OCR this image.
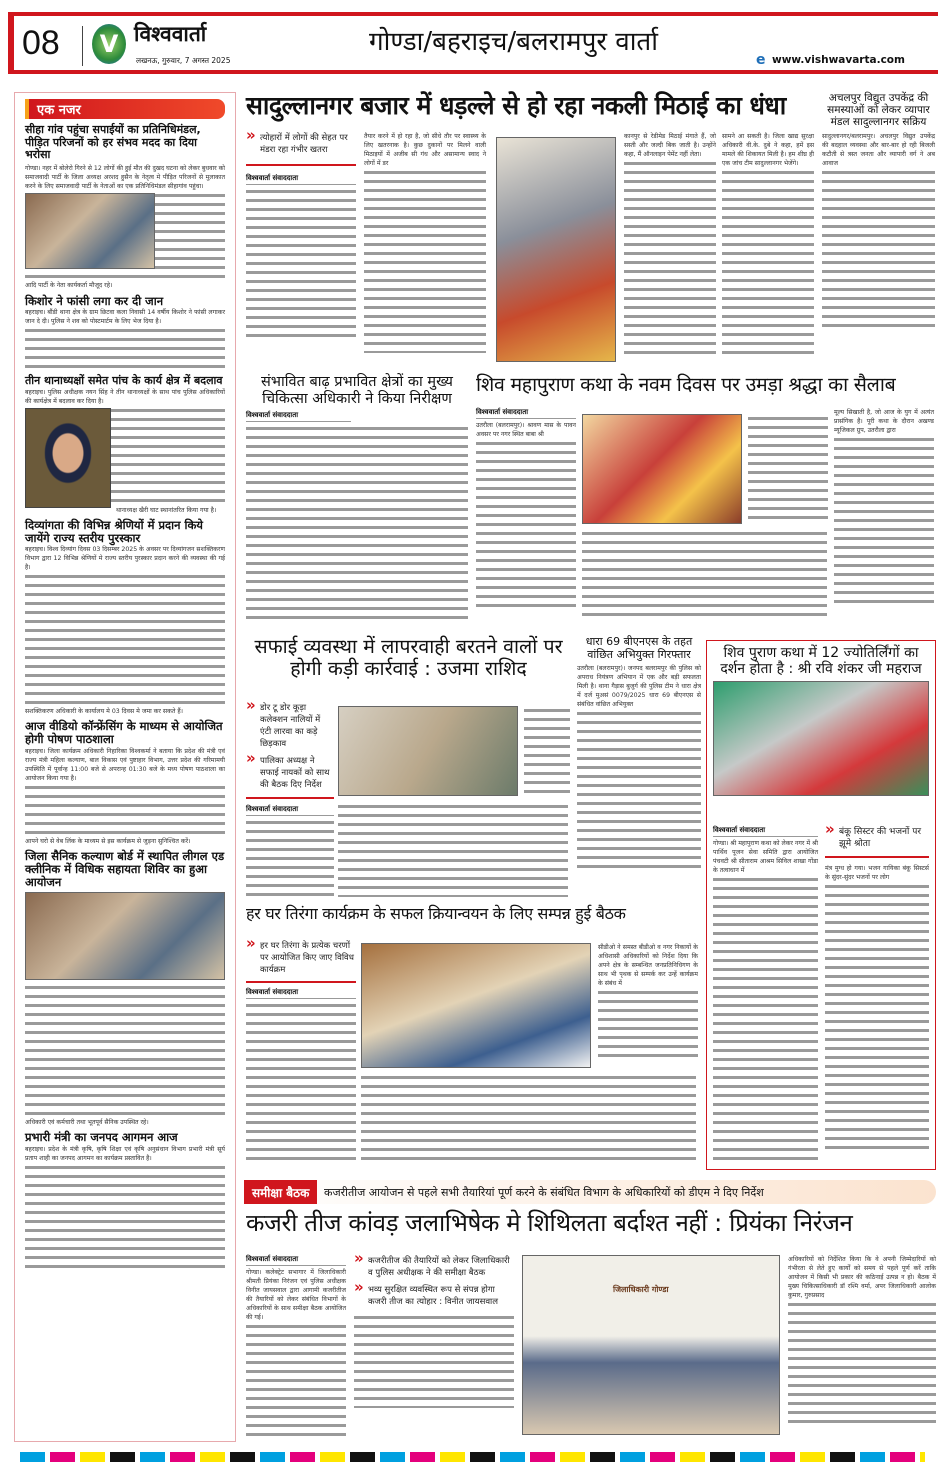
08	V विश्ववार्ता
लखनऊ, गुरुवार, 7 अगस्त 2025
गोण्डा/बहराइच/बलरामपुर वार्ता
e www.vishwavarta.com
एक नजर
सीहा गांव पहुंचा सपाईयों का प्रतिनिधिमंडल, पीड़ित परिजनों को हर संभव मदद का दिया भरोसा
गोण्डा। नहर में बोलेरो गिरने से 12 लोगों की हुई मौत की दुखद घटना को लेकर बुधवार को समाजवादी पार्टी के जिला अध्यक्ष अरशद हुसैन के नेतृत्व मे पीड़ित परिजनों से मुलाकात करने के लिए समाजवादी पार्टी के नेताओं का एक प्रतिनिधिमंडल सीहागांव पहुंचा।
आदि पार्टी के नेता कार्यकर्ता मौजूद रहे।
किशोर ने फांसी लगा कर दी जान
बहराइच। बौंडी थाना क्षेत्र के ग्राम छिटवा कला निवासी 14 वर्षीय किशोर ने फांसी लगाकर जान दे दी। पुलिस ने शव को पोस्टमार्टम के लिए भेज दिया है।
तीन थानाध्यक्षों समेत पांच के कार्य क्षेत्र में बदलाव
बहराइच। पुलिस अधीक्षक नयन सिंह ने तीन थानाध्यक्षों के साथ पांच पुलिस अधिकारियों की कार्यक्षेत्र में बदलाव कर दिया है।
थानाध्यक्ष खैरी घाट स्थानांतरित किया गया है।
दिव्यांगता की विभिन्न श्रेणियों में प्रदान किये जायेंगे राज्य स्तरीय पुरस्कार
बहराइच। विश्व दिव्यांग दिवस 03 दिसम्बर 2025 के अवसर पर दिव्यांगजन सशक्तिकरण विभाग द्वारा 12 विभिन्न श्रेणियों मे राज्य स्तरीय पुरस्कार प्रदान करने की व्यवस्था की गई है।
सशक्तिकरण अधिकारी के कार्यालय मे 03 दिवस मे जमा कर सकते हैं।
आज वीडियो कॉन्फ्रेंसिंग के माध्यम से आयोजित होगी पोषण पाठशाला
बहराइच। जिला कार्यक्रम अधिकारी निहारिका विश्वकर्मा ने बताया कि प्रदेश की मंत्री एवं राज्य मंत्री महिला कल्याण, बाल विकास एवं पुष्टाहार विभाग, उत्तर प्रदेश की गरिमामयी उपस्थिति में पूर्वान्ह 11:00 बजे से अपरान्ह 01:30 बजे के मध्य पोषण पाठशाला का आयोजन किया गया है।
आपने घरो से वेब लिंक के माध्यम से इस कार्यक्रम से जुड़ना सुनिश्चित करें।
जिला सैनिक कल्याण बोर्ड में स्थापित लीगल एड क्लीनिक में विधिक सहायता शिविर का हुआ आयोजन
अधिकारी एवं कर्मचारी तथा भूतपूर्व सैनिक उपस्थित रहे।
प्रभारी मंत्री का जनपद आगमन आज
बहराइच। प्रदेश के मंत्री कृषि, कृषि शिक्षा एवं कृषि अनुसंधान विभाग प्रभारी मंत्री सूर्य प्रताप शाही का जनपद आगमन का कार्यक्रम प्रस्तावित है।
सादुल्लानगर बजार में धड़ल्ले से हो रहा नकली मिठाई का धंधा
» त्योहारों में लोगों की सेहत पर मंडरा रहा गंभीर खतरा
विश्ववार्ता संवाददाता
तैयार करने में हो रहा है, जो सीधे तौर पर स्वास्थ्य के लिए खतरनाक है। कुछ दुकानों पर मिलने वाली मिठाइयों में अजीब सी गंध और असामान्य स्वाद ने लोगों में डर
कानपुर से रेडीमेड मिठाई मंगाते हैं, जो सस्ती और जल्दी बिक जाती है। उन्होंने कहा, मैं ऑनलाइन पेमेंट नहीं लेता।
सामने आ सकती है। जिला खाद्य सुरक्षा अधिकारी वी.के. दुबे ने कहा, हमें इस मामले की शिकायत मिली है। हम शीघ्र ही एक जांच टीम सादुल्लानगर भेजेंगे।
अचलपुर विद्युत उपकेंद्र की समस्याओं को लेकर व्यापार मंडल सादुल्लानगर सक्रिय
सादुल्लानगर/बलरामपुर। अचलपुर विद्युत उपकेंद्र की बदहाल व्यवस्था और बार-बार हो रही बिजली कटौती से त्रस्त जनता और व्यापारी वर्ग ने अब आवाज
संभावित बाढ़ प्रभावित क्षेत्रों का मुख्य चिकित्सा अधिकारी ने किया निरीक्षण
विश्ववार्ता संवाददाता
शिव महापुराण कथा के नवम दिवस पर उमड़ा श्रद्धा का सैलाब
विश्ववार्ता संवाददाता
उतरौला (बलरामपुर)। श्रावण मास के पावन अवसर पर नगर स्थित बाबा श्री
मूल्य सिखाती है, जो आज के युग में अत्यंत प्रासंगिक है। पूरी कथा के दौरान अखण्ड म्यूजिकल ग्रुप, उतरौला द्वारा
सफाई व्यवस्था में लापरवाही बरतने वालों पर होगी कड़ी कार्रवाई : उजमा राशिद
» डोर टू डोर कूड़ा कलेक्शन नालियों में एंटी लारवा का कड़े छिड़काव
» पालिका अध्यक्ष ने सफाई नायकों को साथ की बैठक दिए निर्देश
विश्ववार्ता संवाददाता
धारा 69 बीएनएस के तहत वांछित अभियुक्त गिरफ्तार
उतरौला (बलरामपुर)। जनपद बलरामपुर की पुलिस को अपराध नियंत्रण अभियान में एक और बड़ी सफलता मिली है। थाना गैड़ास बुजुर्ग की पुलिस टीम ने धारा क्षेत्र में दर्ज मुअसं 0079/2025 धारा 69 बीएनएस से संबंधित वांछित अभियुक्त
शिव पुराण कथा में 12 ज्योतिर्लिंगों का दर्शन होता है : श्री रवि शंकर जी महराज
विश्ववार्ता संवाददाता
गोण्डा। श्री महापुराण कथा को लेकर नगर में श्री पार्थिव पूजन सेवा समिति द्वारा आयोजित पंचवटी श्री सीताराम आश्रम सिविल शाखा गोंडा के तत्वाधान में
» बंकू सिस्टर की भजनों पर झूमे श्रोता
मंत्र मुग्ध हो गया। भजन गायिका बंकू सिस्टर्स के सुंदर-सुंदर भजनों पर लोग
हर घर तिरंगा कार्यक्रम के सफल क्रियान्वयन के लिए सम्पन्न हुई बैठक
» हर घर तिरंगा के प्रत्येक चरणों पर आयोजित किए जाए विविध कार्यक्रम
विश्ववार्ता संवाददाता
सीडीओ ने समस्त बीडीओ व नगर निकायों के अधिशासी अधिकारियों को निर्देश दिया कि अपने क्षेत्र के सम्बन्धित जनप्रतिनिधिगण के साथ भी पृथक से सम्पर्क कर उन्हें कार्यक्रम के संबंध में
समीक्षा बैठक	कजरीतीज आयोजन से पहले सभी तैयारियां पूर्ण करने के संबंधित विभाग के अधिकारियों को डीएम ने दिए निर्देश
कजरी तीज कांवड़ जलाभिषेक मे शिथिलता बर्दाश्त नहीं : प्रियंका निरंजन
विश्ववार्ता संवाददाता
गोण्डा। कलेक्ट्रेट सभागार में जिलाधिकारी श्रीमती प्रियंका निरंजन एवं पुलिस अधीक्षक विनीत जायसवाल द्वारा आगामी कजरीतीज की तैयारियों को लेकर संबंधित विभागों के अधिकारियों के साथ समीक्षा बैठक आयोजित की गई।
» कजरीतीज की तैयारियों को लेकर जिलाधिकारी व पुलिस अधीक्षक ने की समीक्षा बैठक
» भव्य सुरक्षित व्यवस्थित रूप से संपन्न होगा कजरी तीज का त्योहार : विनीत जायसवाल
जिलाधिकारी गोण्डा
अधिकारियों को निर्देशित किया कि वे अपनी जिम्मेदारियों को गंभीरता से लेते हुए कार्यों को समय से पहले पूर्ण करें ताकि आयोजन में किसी भी प्रकार की कठिनाई उत्पन्न न हो। बैठक में मुख्य चिकित्साधिकारी डॉ रश्मि वर्मा, अपर जिलाधिकारी आलोक कुमार, गुरुप्रसाद
